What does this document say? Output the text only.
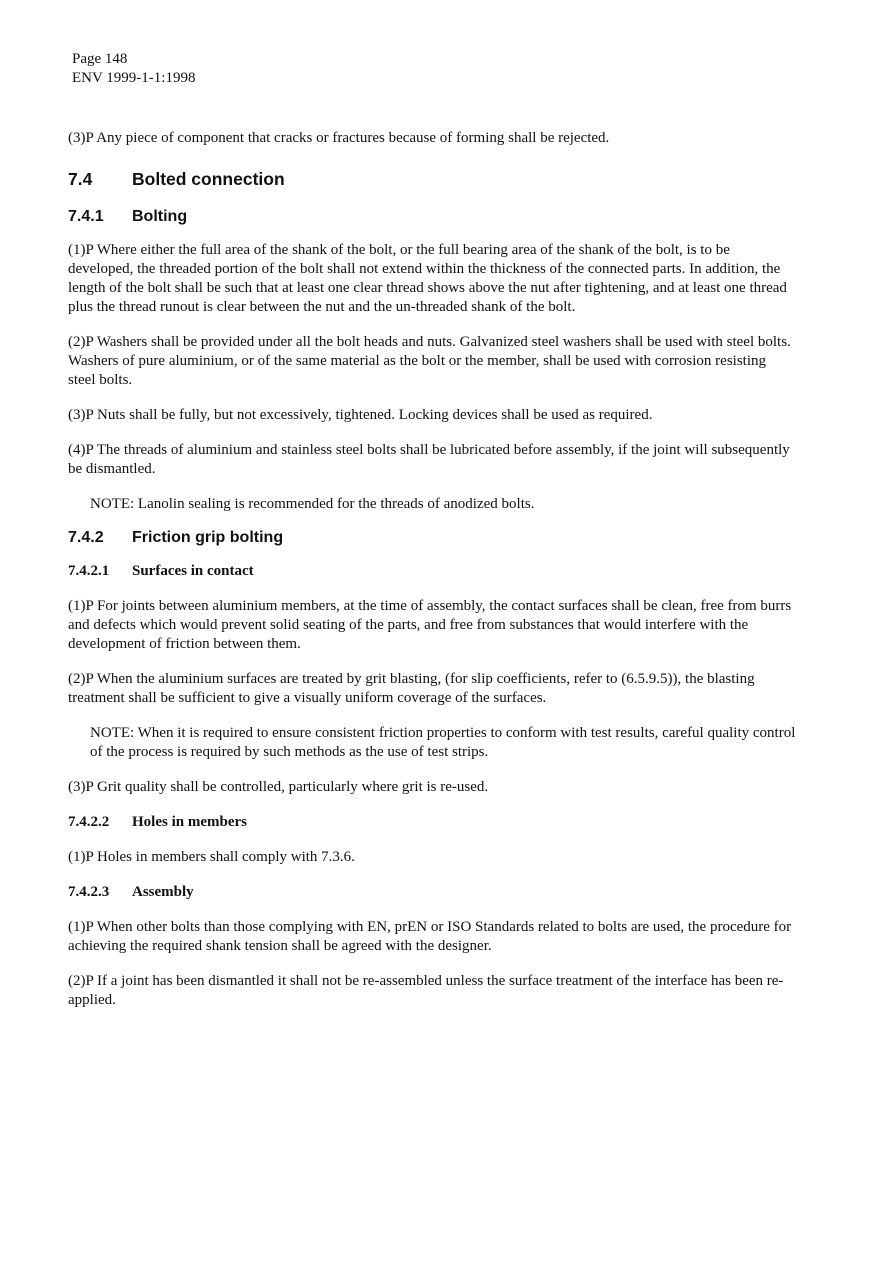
Page 148
ENV 1999-1-1:1998

(3)P Any piece of component that cracks or fractures because of forming shall be rejected.

7.4 Bolted connection
7.4.1 Bolting

(1)P Where either the full area of the shank of the bolt, or the full bearing area of the shank of the bolt, is to be developed, the threaded portion of the bolt shall not extend within the thickness of the connected parts. In addition, the length of the bolt shall be such that at least one clear thread shows above the nut after tightening, and at least one thread plus the thread runout is clear between the nut and the un-threaded shank of the bolt.

(2)P Washers shall be provided under all the bolt heads and nuts. Galvanized steel washers shall be used with steel bolts. Washers of pure aluminium, or of the same material as the bolt or the member, shall be used with corrosion resisting steel bolts.

(3)P Nuts shall be fully, but not excessively, tightened. Locking devices shall be used as required.

(4)P The threads of aluminium and stainless steel bolts shall be lubricated before assembly, if the joint will subsequently be dismantled.

NOTE: Lanolin sealing is recommended for the threads of anodized bolts.

7.4.2 Friction grip bolting
7.4.2.1 Surfaces in contact

(1)P For joints between aluminium members, at the time of assembly, the contact surfaces shall be clean, free from burrs and defects which would prevent solid seating of the parts, and free from substances that would interfere with the development of friction between them.

(2)P When the aluminium surfaces are treated by grit blasting, (for slip coefficients, refer to (6.5.9.5)), the blasting treatment shall be sufficient to give a visually uniform coverage of the surfaces.

NOTE: When it is required to ensure consistent friction properties to conform with test results, careful quality control of the process is required by such methods as the use of test strips.

(3)P Grit quality shall be controlled, particularly where grit is re-used.

7.4.2.2 Holes in members

(1)P Holes in members shall comply with 7.3.6.

7.4.2.3 Assembly

(1)P When other bolts than those complying with EN, prEN or ISO Standards related to bolts are used, the procedure for achieving the required shank tension shall be agreed with the designer.

(2)P If a joint has been dismantled it shall not be re-assembled unless the surface treatment of the interface has been re-applied.
